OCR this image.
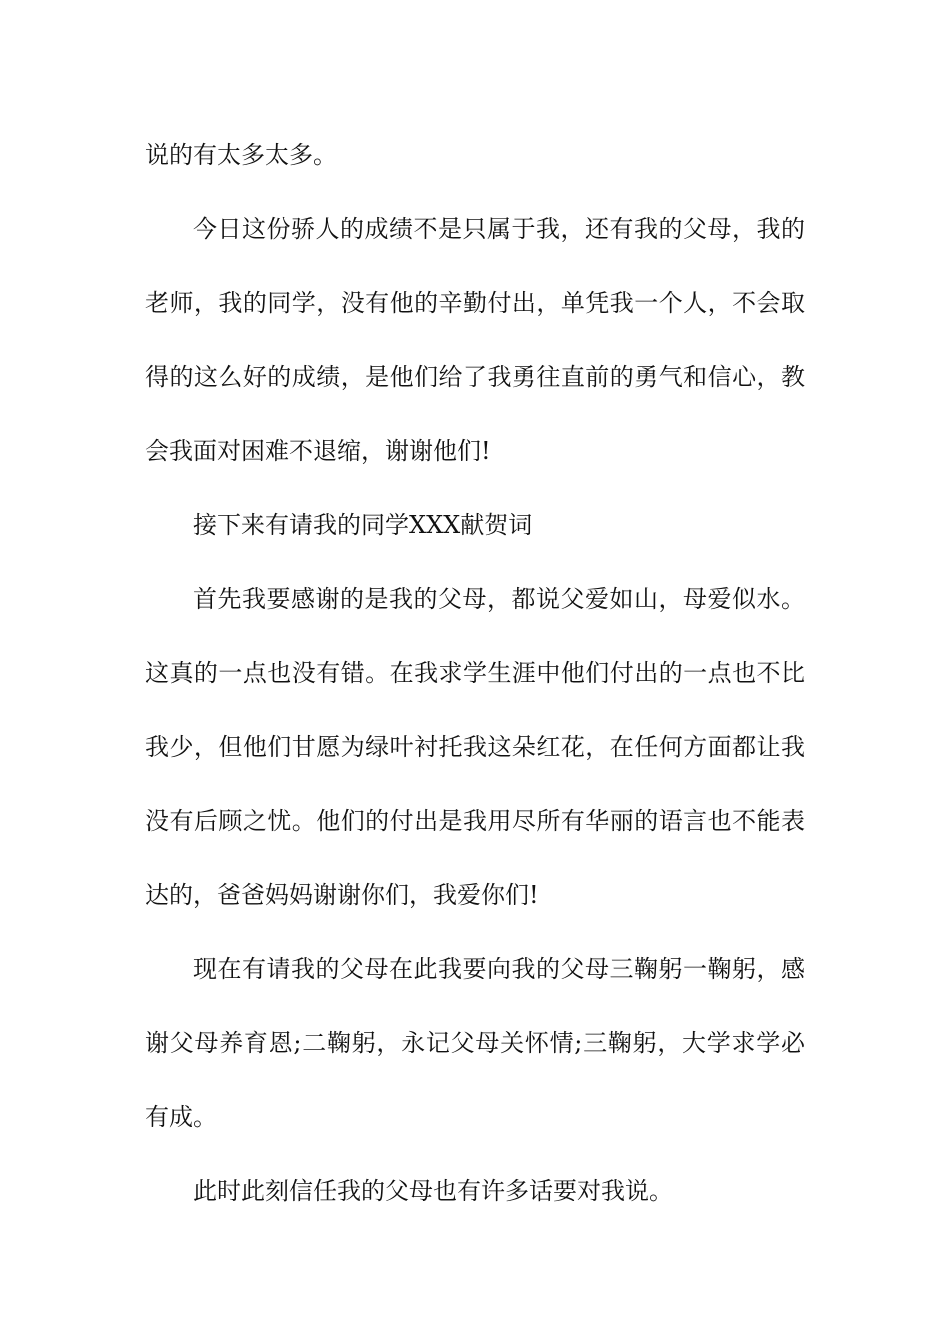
说的有太多太多。

今日这份骄人的成绩不是只属于我，还有我的父母，我的
老师，我的同学，没有他的辛勤付出，单凭我一个人，不会取
得的这么好的成绩，是他们给了我勇往直前的勇气和信心，教
会我面对困难不退缩，谢谢他们!

接下来有请我的同学XXX献贺词

首先我要感谢的是我的父母，都说父爱如山，母爱似水。
这真的一点也没有错。在我求学生涯中他们付出的一点也不比
我少，但他们甘愿为绿叶衬托我这朵红花，在任何方面都让我
没有后顾之忧。他们的付出是我用尽所有华丽的语言也不能表
达的，爸爸妈妈谢谢你们，我爱你们!

现在有请我的父母在此我要向我的父母三鞠躬一鞠躬，感
谢父母养育恩;二鞠躬，永记父母关怀情;三鞠躬，大学求学必
有成。

此时此刻信任我的父母也有许多话要对我说。
